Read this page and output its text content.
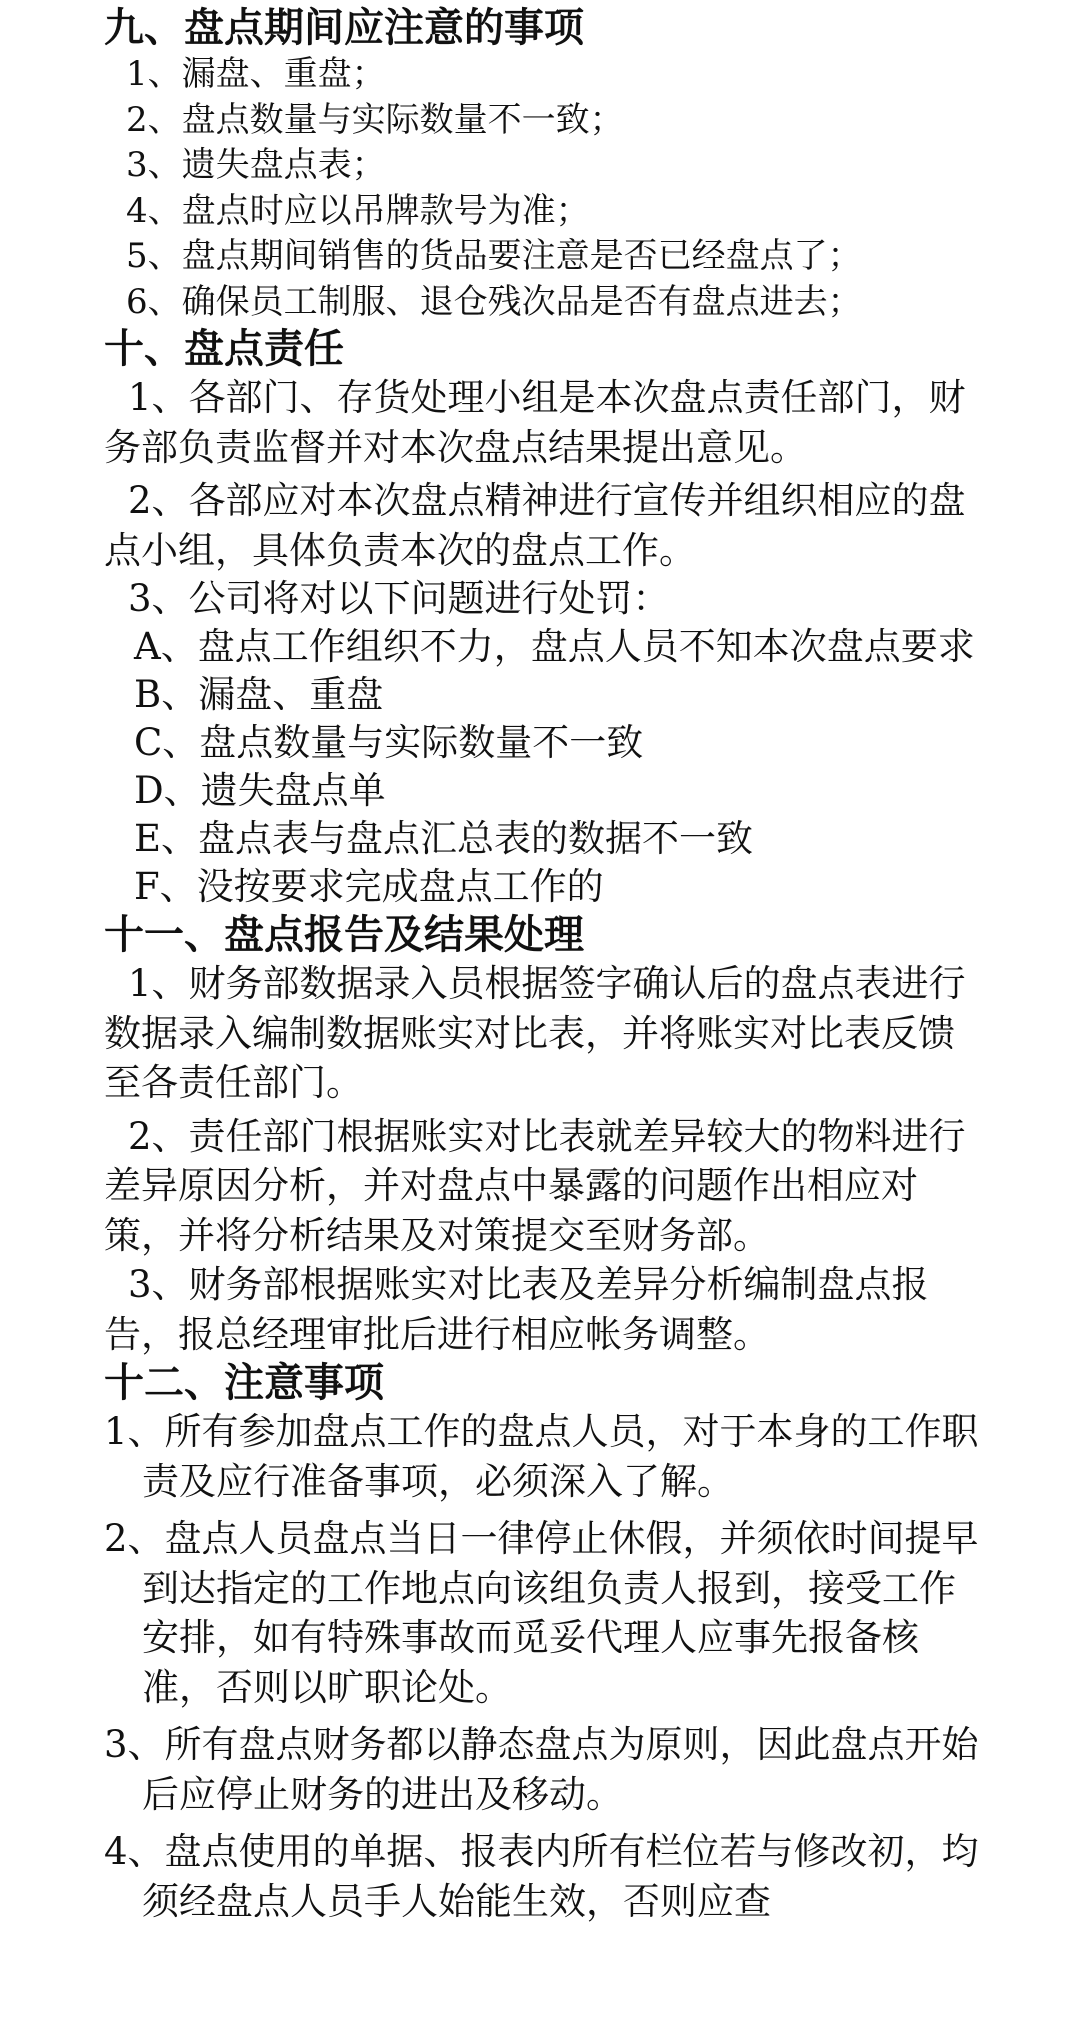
九、盘点期间应注意的事项
1、漏盘、重盘；
2、盘点数量与实际数量不一致；
3、遗失盘点表；
4、盘点时应以吊牌款号为准；
5、盘点期间销售的货品要注意是否已经盘点了；
6、确保员工制服、退仓残次品是否有盘点进去；
十、盘点责任

1、各部门、存货处理小组是本次盘点责任部门，财务部负责监督并对本次盘点结果提出意见。

2、各部应对本次盘点精神进行宣传并组织相应的盘点小组，具体负责本次的盘点工作。

3、公司将对以下问题进行处罚：

A、盘点工作组织不力，盘点人员不知本次盘点要求

B、漏盘、重盘
C、盘点数量与实际数量不一致
D、遗失盘点单
E、盘点表与盘点汇总表的数据不一致
F、没按要求完成盘点工作的
十一、盘点报告及结果处理

1、财务部数据录入员根据签字确认后的盘点表进行数据录入编制数据账实对比表，并将账实对比表反馈至各责任部门。

2、责任部门根据账实对比表就差异较大的物料进行差异原因分析，并对盘点中暴露的问题作出相应对策，并将分析结果及对策提交至财务部。

3、财务部根据账实对比表及差异分析编制盘点报告，报总经理审批后进行相应帐务调整。

十二、注意事项

1、所有参加盘点工作的盘点人员，对于本身的工作职责及应行准备事项，必须深入了解。

2、盘点人员盘点当日一律停止休假，并须依时间提早到达指定的工作地点向该组负责人报到，接受工作安排，如有特殊事故而觅妥代理人应事先报备核准，否则以旷职论处。

3、所有盘点财务都以静态盘点为原则，因此盘点开始后应停止财务的进出及移动。

4、盘点使用的单据、报表内所有栏位若与修改初，均须经盘点人员手人始能生效，否则应查
